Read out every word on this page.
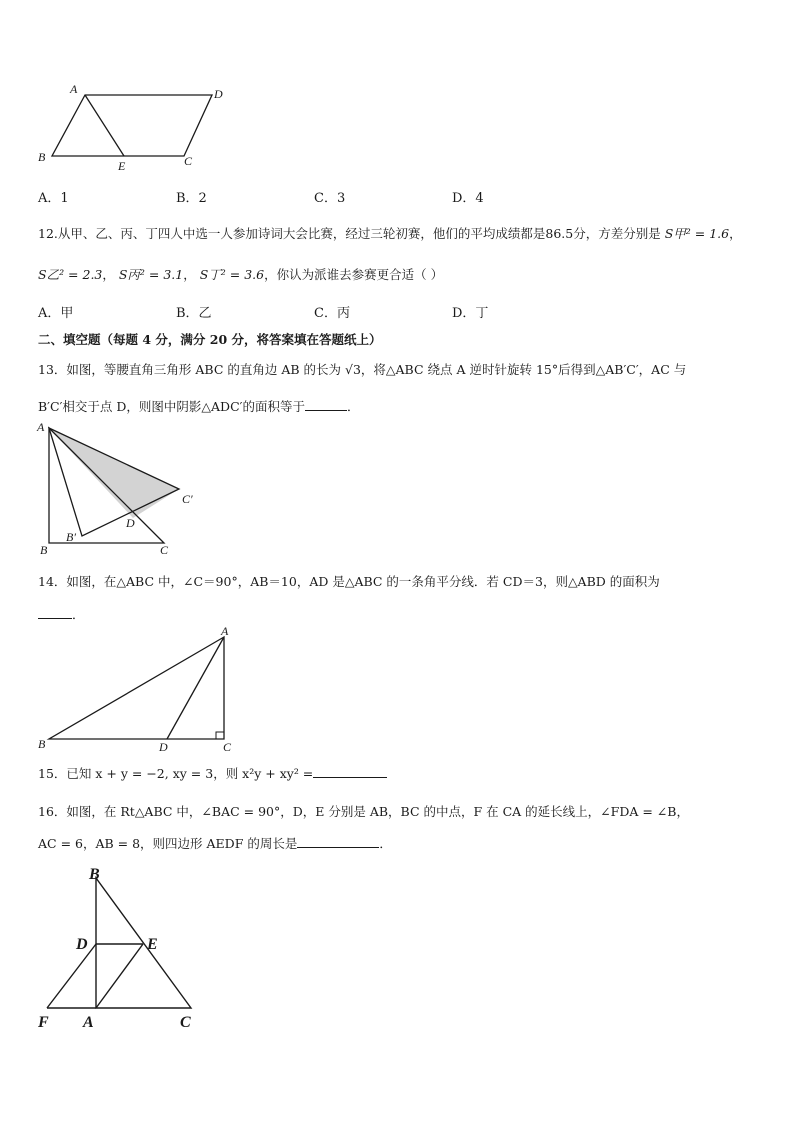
A	D
B
E	C
A．1	B．2	C．3	D．4
12.从甲、乙、丙、丁四人中选一人参加诗词大会比赛，经过三轮初赛，他们的平均成绩都是86.5分，方差分别是 S甲² = 1.6，
S乙² = 2.3， S丙² = 3.1， S丁² = 3.6，你认为派谁去参赛更合适（ ）
A．甲	B．乙	C．丙	D．丁
二、填空题（每题 4 分，满分 20 分，将答案填在答题纸上）
13．如图，等腰直角三角形 ABC 的直角边 AB 的长为 √3，将△ABC 绕点 A 逆时针旋转 15°后得到△AB′C′，AC 与
B′C′相交于点 D，则图中阴影△ADC′的面积等于	．
A
C′
D
B′
B	C
14．如图，在△ABC 中，∠C＝90°，AB＝10，AD 是△ABC 的一条角平分线．若 CD＝3，则△ABD 的面积为
．
A
B	D	C
15．已知 x + y = −2, xy = 3，则 x²y + xy² =
16．如图，在 Rt△ABC 中，∠BAC = 90°，D，E 分别是 AB，BC 的中点，F 在 CA 的延长线上，∠FDA = ∠B，
AC = 6，AB = 8，则四边形 AEDF 的周长是	．
B
D	E
F A	C
